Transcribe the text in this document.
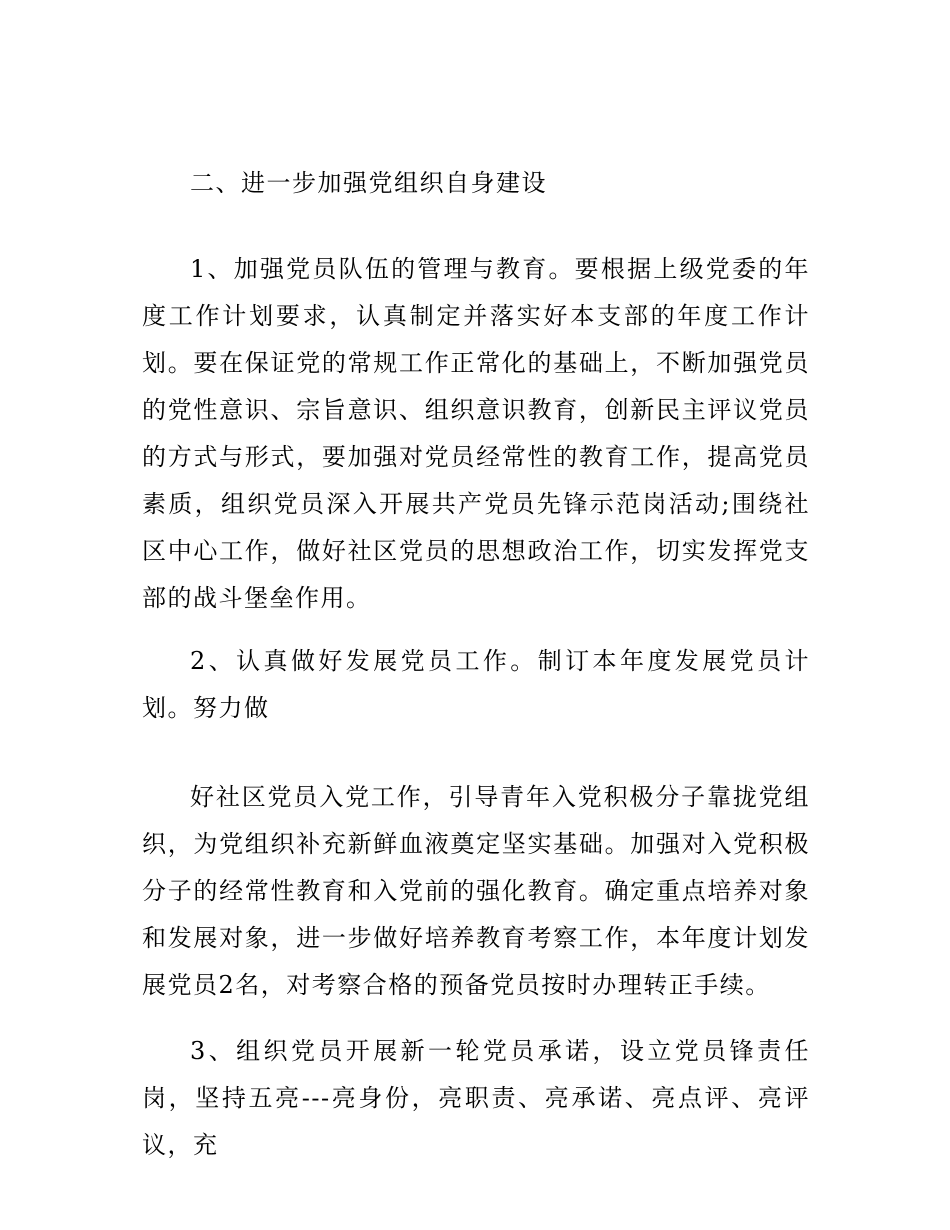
二、进一步加强党组织自身建设

1、加强党员队伍的管理与教育。要根据上级党委的年度工作计划要求，认真制定并落实好本支部的年度工作计划。要在保证党的常规工作正常化的基础上，不断加强党员的党性意识、宗旨意识、组织意识教育，创新民主评议党员的方式与形式，要加强对党员经常性的教育工作，提高党员素质，组织党员深入开展共产党员先锋示范岗活动;围绕社区中心工作，做好社区党员的思想政治工作，切实发挥党支部的战斗堡垒作用。

2、认真做好发展党员工作。制订本年度发展党员计划。努力做

好社区党员入党工作，引导青年入党积极分子靠拢党组织，为党组织补充新鲜血液奠定坚实基础。加强对入党积极分子的经常性教育和入党前的强化教育。确定重点培养对象和发展对象，进一步做好培养教育考察工作，本年度计划发展党员2名，对考察合格的预备党员按时办理转正手续。

3、组织党员开展新一轮党员承诺，设立党员锋责任岗，坚持五亮---亮身份，亮职责、亮承诺、亮点评、亮评议，充
